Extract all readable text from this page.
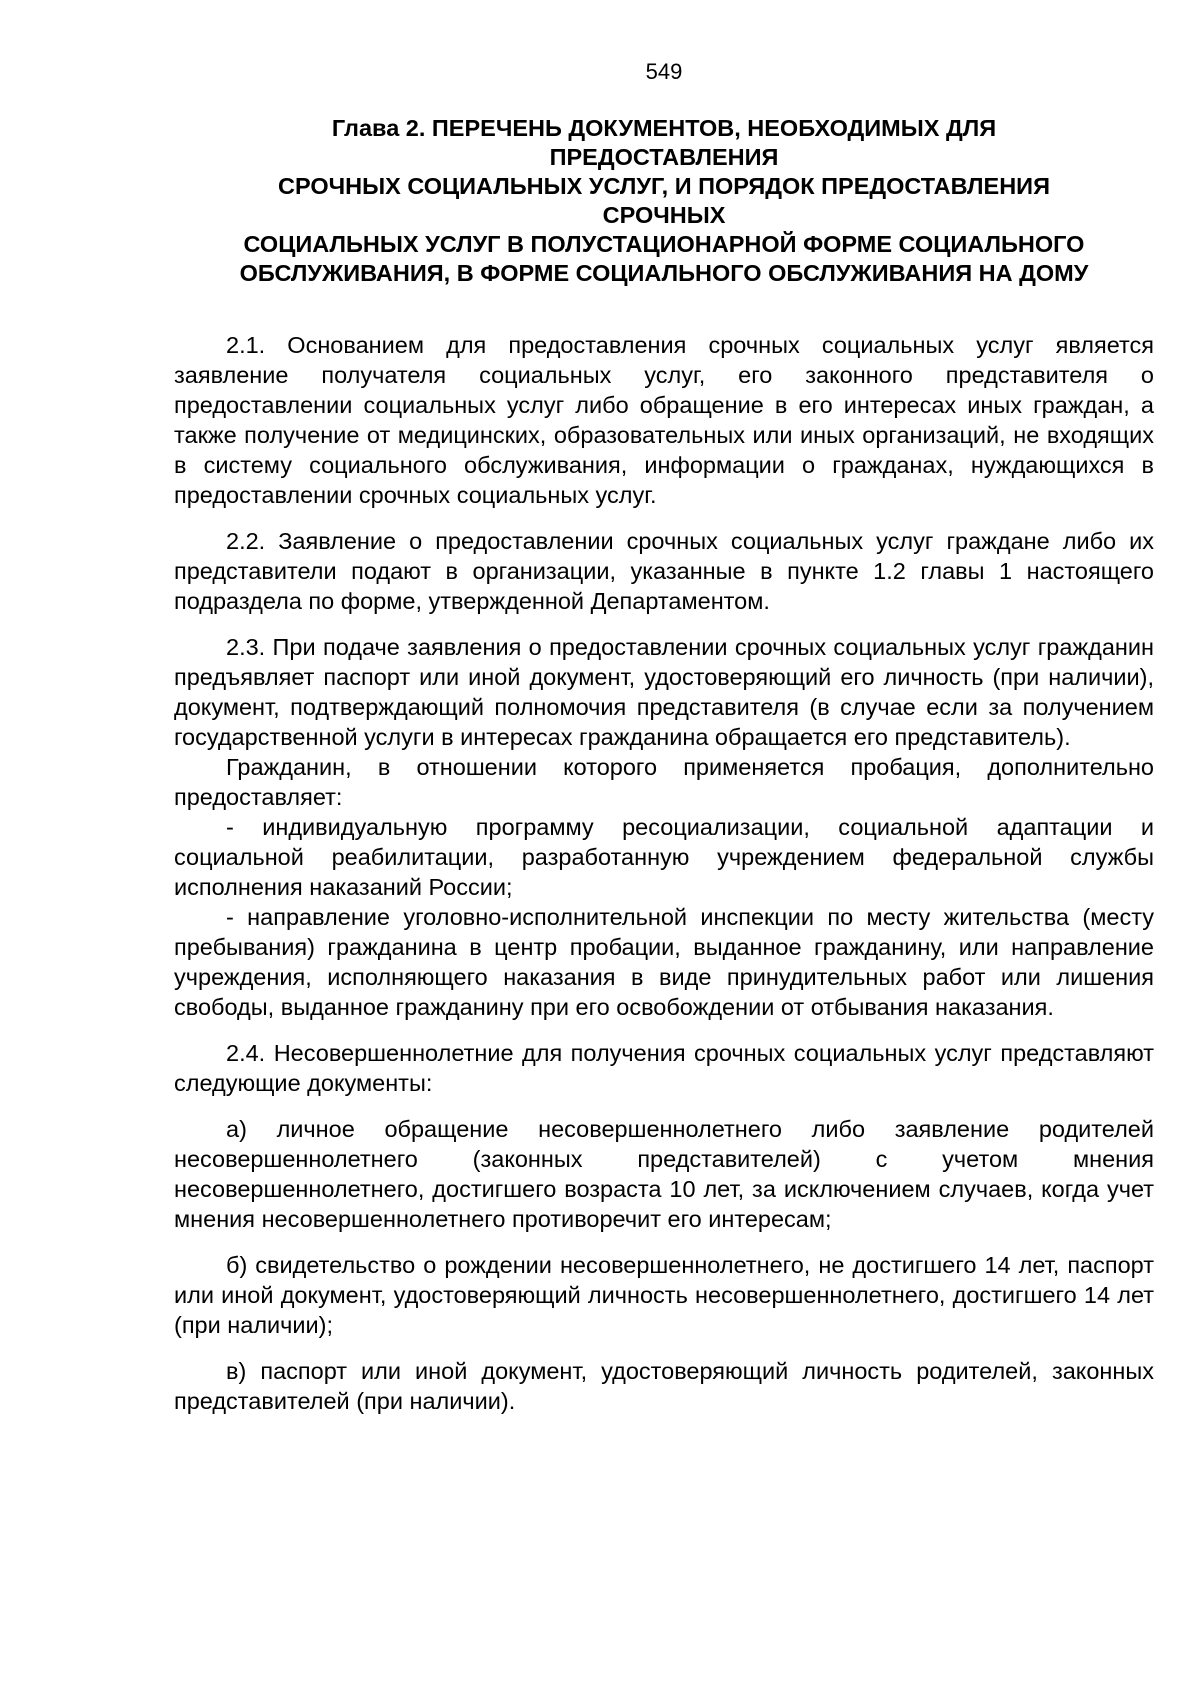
549
Глава 2. ПЕРЕЧЕНЬ ДОКУМЕНТОВ, НЕОБХОДИМЫХ ДЛЯ
ПРЕДОСТАВЛЕНИЯ
СРОЧНЫХ СОЦИАЛЬНЫХ УСЛУГ, И ПОРЯДОК ПРЕДОСТАВЛЕНИЯ
СРОЧНЫХ
СОЦИАЛЬНЫХ УСЛУГ В ПОЛУСТАЦИОНАРНОЙ ФОРМЕ СОЦИАЛЬНОГО
ОБСЛУЖИВАНИЯ, В ФОРМЕ СОЦИАЛЬНОГО ОБСЛУЖИВАНИЯ НА ДОМУ

2.1. Основанием для предоставления срочных социальных услуг является заявление получателя социальных услуг, его законного представителя о предоставлении социальных услуг либо обращение в его интересах иных граждан, а также получение от медицинских, образовательных или иных организаций, не входящих в систему социального обслуживания, информации о гражданах, нуждающихся в предоставлении срочных социальных услуг.

2.2. Заявление о предоставлении срочных социальных услуг граждане либо их представители подают в организации, указанные в пункте 1.2 главы 1 настоящего подраздела по форме, утвержденной Департаментом.

2.3. При подаче заявления о предоставлении срочных социальных услуг гражданин предъявляет паспорт или иной документ, удостоверяющий его личность (при наличии), документ, подтверждающий полномочия представителя (в случае если за получением государственной услуги в интересах гражданина обращается его представитель).

Гражданин, в отношении которого применяется пробация, дополнительно предоставляет:

- индивидуальную программу ресоциализации, социальной адаптации и социальной реабилитации, разработанную учреждением федеральной службы исполнения наказаний России;

- направление уголовно-исполнительной инспекции по месту жительства (месту пребывания) гражданина в центр пробации, выданное гражданину, или направление учреждения, исполняющего наказания в виде принудительных работ или лишения свободы, выданное гражданину при его освобождении от отбывания наказания.

2.4. Несовершеннолетние для получения срочных социальных услуг представляют следующие документы:

а) личное обращение несовершеннолетнего либо заявление родителей несовершеннолетнего (законных представителей) с учетом мнения несовершеннолетнего, достигшего возраста 10 лет, за исключением случаев, когда учет мнения несовершеннолетнего противоречит его интересам;

б) свидетельство о рождении несовершеннолетнего, не достигшего 14 лет, паспорт или иной документ, удостоверяющий личность несовершеннолетнего, достигшего 14 лет (при наличии);

в) паспорт или иной документ, удостоверяющий личность родителей, законных представителей (при наличии).
